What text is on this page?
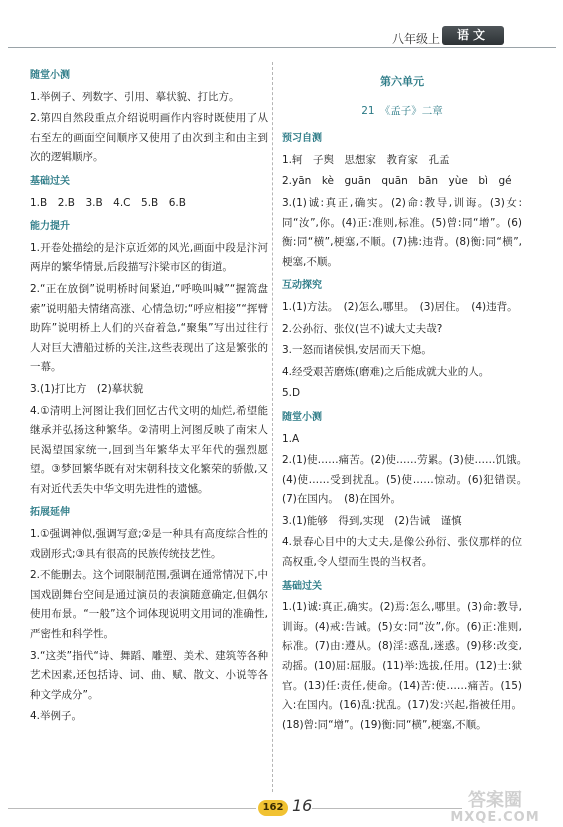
八年级上	语文
随堂小测
1.举例子、列数字、引用、摹状貌、打比方。
2.第四自然段重点介绍说明画作内容时既使用了从右至左的画面空间顺序又使用了由次到主和由主到次的逻辑顺序。
基础过关
1.B　2.B　3.B　4.C　5.B　6.B
能力提升
1.开卷处描绘的是汴京近郊的风光,画面中段是汴河两岸的繁华情景,后段描写汴梁市区的街道。
2.“正在放倒”说明桥时间紧迫,“呼唤叫喊”“握篙盘索”说明船夫情绪高涨、心情急切;“呼应相接”“挥臂助阵”说明桥上人们的兴奋着急,“聚集”写出过往行人对巨大漕船过桥的关注,这些表现出了这是繁张的一幕。
3.(1)打比方　(2)摹状貌
4.①清明上河图让我们回忆古代文明的灿烂,希望能继承并弘扬这种繁华。②清明上河图反映了南宋人民渴望国家统一,回到当年繁华太平年代的强烈愿望。③梦回繁华既有对宋朝科技文化繁荣的骄傲,又有对近代丢失中华文明先进性的遗憾。
拓展延伸
1.①强调神似,强调写意;②是一种具有高度综合性的戏剧形式;③具有很高的民族传统技艺性。
2.不能删去。这个词限制范围,强调在通常情况下,中国戏剧舞台空间是通过演员的表演随意确定,但偶尔使用布景。“一般”这个词体现说明文用词的准确性,严密性和科学性。
3.“这类”指代“诗、舞蹈、雕塑、美术、建筑等各种艺术因素,还包括诗、词、曲、赋、散文、小说等各种文学成分”。
4.举例子。
第六单元
21　《孟子》二章
预习自测
1.轲　子舆　思想家　教育家　孔孟
2.yān　kè　guān　quān　bān　yùe　bì　gé
3.(1)诚:真正,确实。(2)命:教导,训诲。(3)女:同“汝”,你。(4)正:准则,标准。(5)曾:同“增”。(6)衡:同“横”,梗塞,不顺。(7)拂:违背。(8)衡:同“横”,梗塞,不顺。
互动探究
1.(1)方法。　(2)怎么,哪里。　(3)居住。　(4)违背。
2.公孙衍、张仪(岂不)诚大丈夫哉?
3.一怒而诸侯惧,安居而天下熄。
4.经受艰苦磨炼(磨难)之后能成就大业的人。
5.D
随堂小测
1.A
2.(1)使……痛苦。(2)使……劳累。(3)使……饥饿。　(4)使……受到扰乱。(5)使……惊动。(6)犯错误。　(7)在国内。　(8)在国外。
3.(1)能够　得到,实现　(2)告诫　谨慎
4.景春心目中的大丈夫,是像公孙衍、张仪那样的位高权重,令人望而生畏的当权者。
基础过关
1.(1)诚:真正,确实。(2)焉:怎么,哪里。(3)命:教导,训诲。(4)戒:告诫。(5)女:同“汝”,你。(6)正:准则,标准。(7)由:遵从。(8)淫:惑乱,迷惑。(9)移:改变,动摇。(10)屈:屈服。(11)举:选拔,任用。(12)士:狱官。(13)任:责任,使命。(14)苦:使……痛苦。(15)入:在国内。(16)乱:扰乱。(17)发:兴起,指被任用。(18)曾:同“增”。(19)衡:同“横”,梗塞,不顺。
162 16	答案圈
MXQE.COM
